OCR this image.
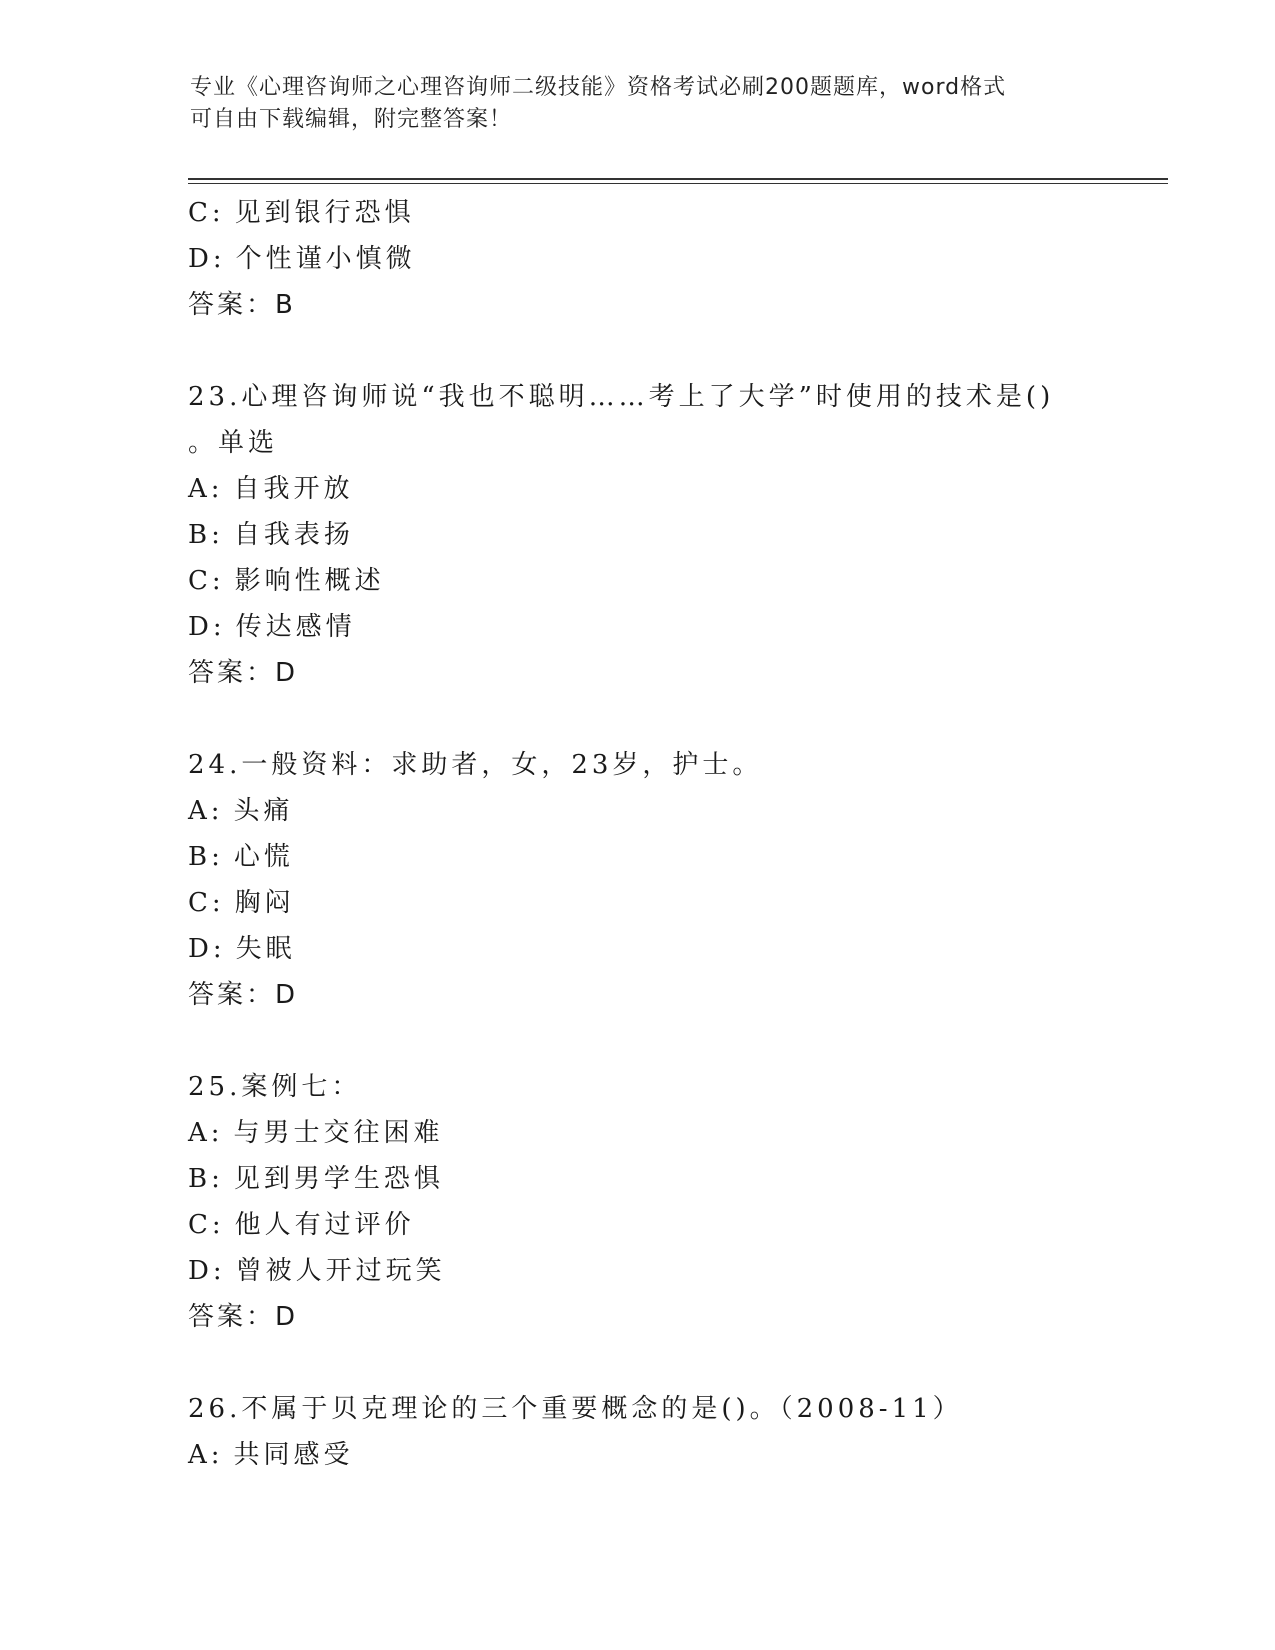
专业《心理咨询师之心理咨询师二级技能》资格考试必刷200题题库，word格式
可自由下载编辑，附完整答案！
C: 见到银行恐惧
D: 个性谨小慎微
答案：B
23.心理咨询师说“我也不聪明……考上了大学”时使用的技术是()
。单选
A: 自我开放
B: 自我表扬
C: 影响性概述
D: 传达感情
答案：D
24.一般资料：求助者，女，23岁，护士。
A: 头痛
B: 心慌
C: 胸闷
D: 失眠
答案：D
25.案例七：
A: 与男士交往困难
B: 见到男学生恐惧
C: 他人有过评价
D: 曾被人开过玩笑
答案：D
26.不属于贝克理论的三个重要概念的是()。（2008-11）
A: 共同感受
